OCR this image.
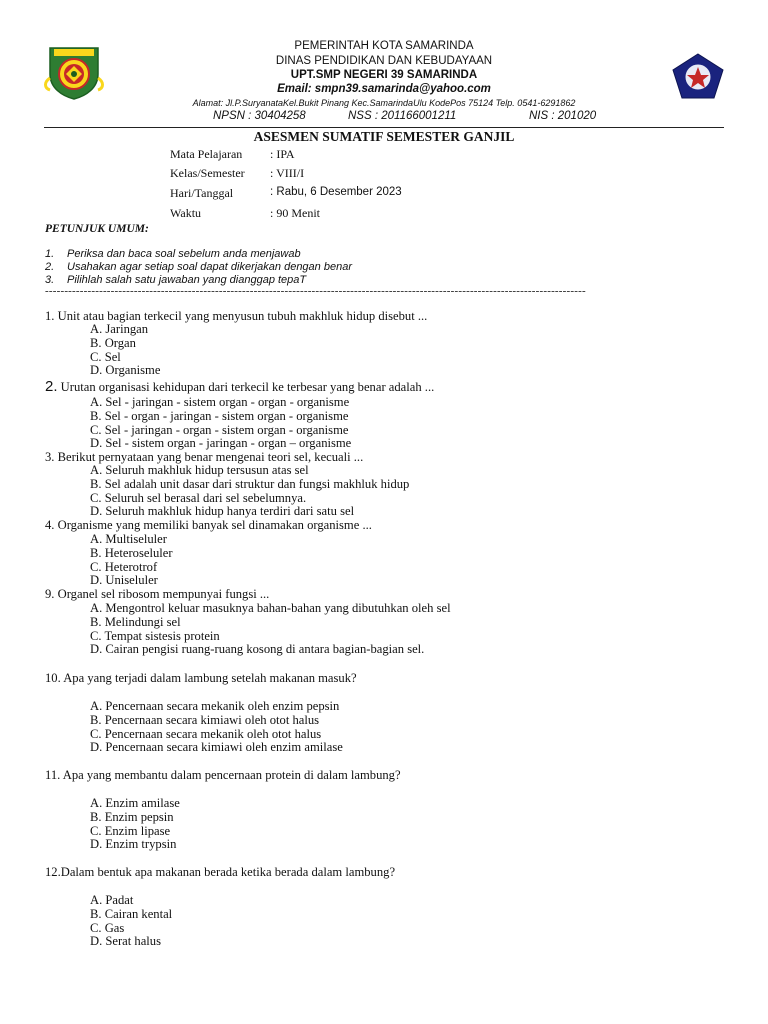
PEMERINTAH KOTA SAMARINDA
DINAS PENDIDIKAN DAN KEBUDAYAAN
UPT.SMP NEGERI 39 SAMARINDA
Email: smpn39.samarinda@yahoo.com
Alamat: Jl.P.SuryanataKel.Bukit Pinang Kec.SamarindaUlu KodePos 75124 Telp. 0541-6291862
NPSN : 30404258	NSS : 201166001211	NIS : 201020
ASESMEN SUMATIF SEMESTER GANJIL
Mata Pelajaran	: IPA
Kelas/Semester	: VIII/I
Hari/Tanggal	: Rabu, 6 Desember 2023
Waktu	: 90 Menit
PETUNJUK UMUM:
1. Periksa dan baca soal sebelum anda menjawab
2. Usahakan agar setiap soal dapat dikerjakan dengan benar
3. Pilihlah salah satu jawaban yang dianggap tepaT
--------------------------------------------------------------------------------------------------------------------------------------------
1. Unit atau bagian terkecil yang menyusun tubuh makhluk hidup disebut ...
A. Jaringan
B. Organ
C. Sel
D. Organisme
2. Urutan organisasi kehidupan dari terkecil ke terbesar yang benar adalah ...
A. Sel - jaringan - sistem organ - organ - organisme
B. Sel - organ - jaringan - sistem organ - organisme
C. Sel - jaringan - organ - sistem organ - organisme
D. Sel - sistem organ - jaringan - organ – organisme
3. Berikut pernyataan yang benar mengenai teori sel, kecuali ...
A. Seluruh makhluk hidup tersusun atas sel
B. Sel adalah unit dasar dari struktur dan fungsi makhluk hidup
C. Seluruh sel berasal dari sel sebelumnya.
D. Seluruh makhluk hidup hanya terdiri dari satu sel
4. Organisme yang memiliki banyak sel dinamakan organisme ...
A. Multiseluler
B. Heteroseluler
C. Heterotrof
D. Uniseluler
9. Organel sel ribosom mempunyai fungsi ...
A. Mengontrol keluar masuknya bahan-bahan yang dibutuhkan oleh sel
B. Melindungi sel
C. Tempat sistesis protein
D. Cairan pengisi ruang-ruang kosong di antara bagian-bagian sel.
10. Apa yang terjadi dalam lambung setelah makanan masuk?
A. Pencernaan secara mekanik oleh enzim pepsin
B. Pencernaan secara kimiawi oleh otot halus
C. Pencernaan secara mekanik oleh otot halus
D. Pencernaan secara kimiawi oleh enzim amilase
11. Apa yang membantu dalam pencernaan protein di dalam lambung?
A. Enzim amilase
B. Enzim pepsin
C. Enzim lipase
D. Enzim trypsin
12.Dalam bentuk apa makanan berada ketika berada dalam lambung?
A. Padat
B. Cairan kental
C. Gas
D. Serat halus
